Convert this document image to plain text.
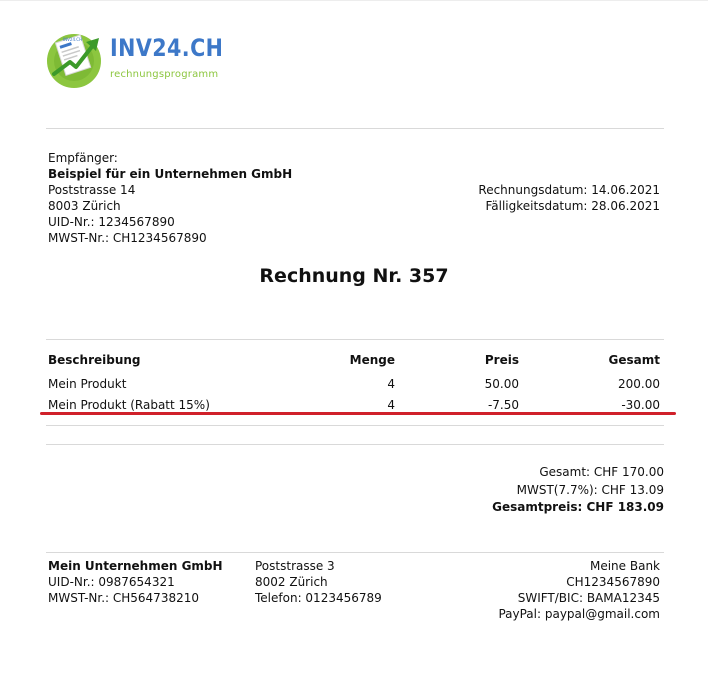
INV24.CH INV24.CH
rechnungsprogramm
Empfänger:
Beispiel für ein Unternehmen GmbH
Poststrasse 14
8003 Zürich
UID-Nr.: 1234567890
MWST-Nr.: CH1234567890
Rechnungsdatum: 14.06.2021
Fälligkeitsdatum: 28.06.2021
Rechnung Nr. 357
Beschreibung	Menge	Preis	Gesamt
Mein Produkt	4	50.00	200.00
Mein Produkt (Rabatt 15%)	4	-7.50	-30.00
Gesamt: CHF 170.00
MWST(7.7%): CHF 13.09
Gesamtpreis: CHF 183.09
Mein Unternehmen GmbH
UID-Nr.: 0987654321
MWST-Nr.: CH564738210
Poststrasse 3
8002 Zürich
Telefon: 0123456789
Meine Bank
CH1234567890
SWIFT/BIC: BAMA12345
PayPal: paypal@gmail.com
